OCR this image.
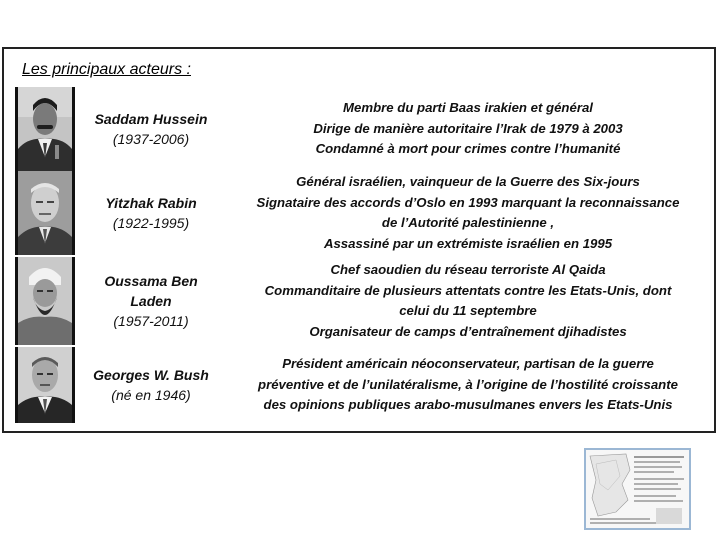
Les principaux acteurs :
Saddam Hussein
(1937-2006)
Membre du parti Baas irakien et général
Dirige de manière autoritaire l’Irak de 1979 à 2003
Condamné à mort pour crimes contre l’humanité
Yitzhak Rabin
(1922-1995)
Général israélien, vainqueur de la Guerre des Six-jours
Signataire des accords d’Oslo en 1993 marquant la reconnaissance
de l’Autorité palestinienne ,
Assassiné par un extrémiste israélien en 1995
Oussama Ben
Laden
(1957-2011)
Chef saoudien du réseau terroriste Al Qaida
Commanditaire de plusieurs attentats contre les Etats-Unis, dont
celui du 11 septembre
Organisateur de camps d’entraînement djihadistes
Georges W. Bush
(né en 1946)
Président américain néoconservateur, partisan de la guerre
préventive et de l’unilatéralisme, à l’origine de l’hostilité croissante
des opinions publiques arabo-musulmanes envers les Etats-Unis
